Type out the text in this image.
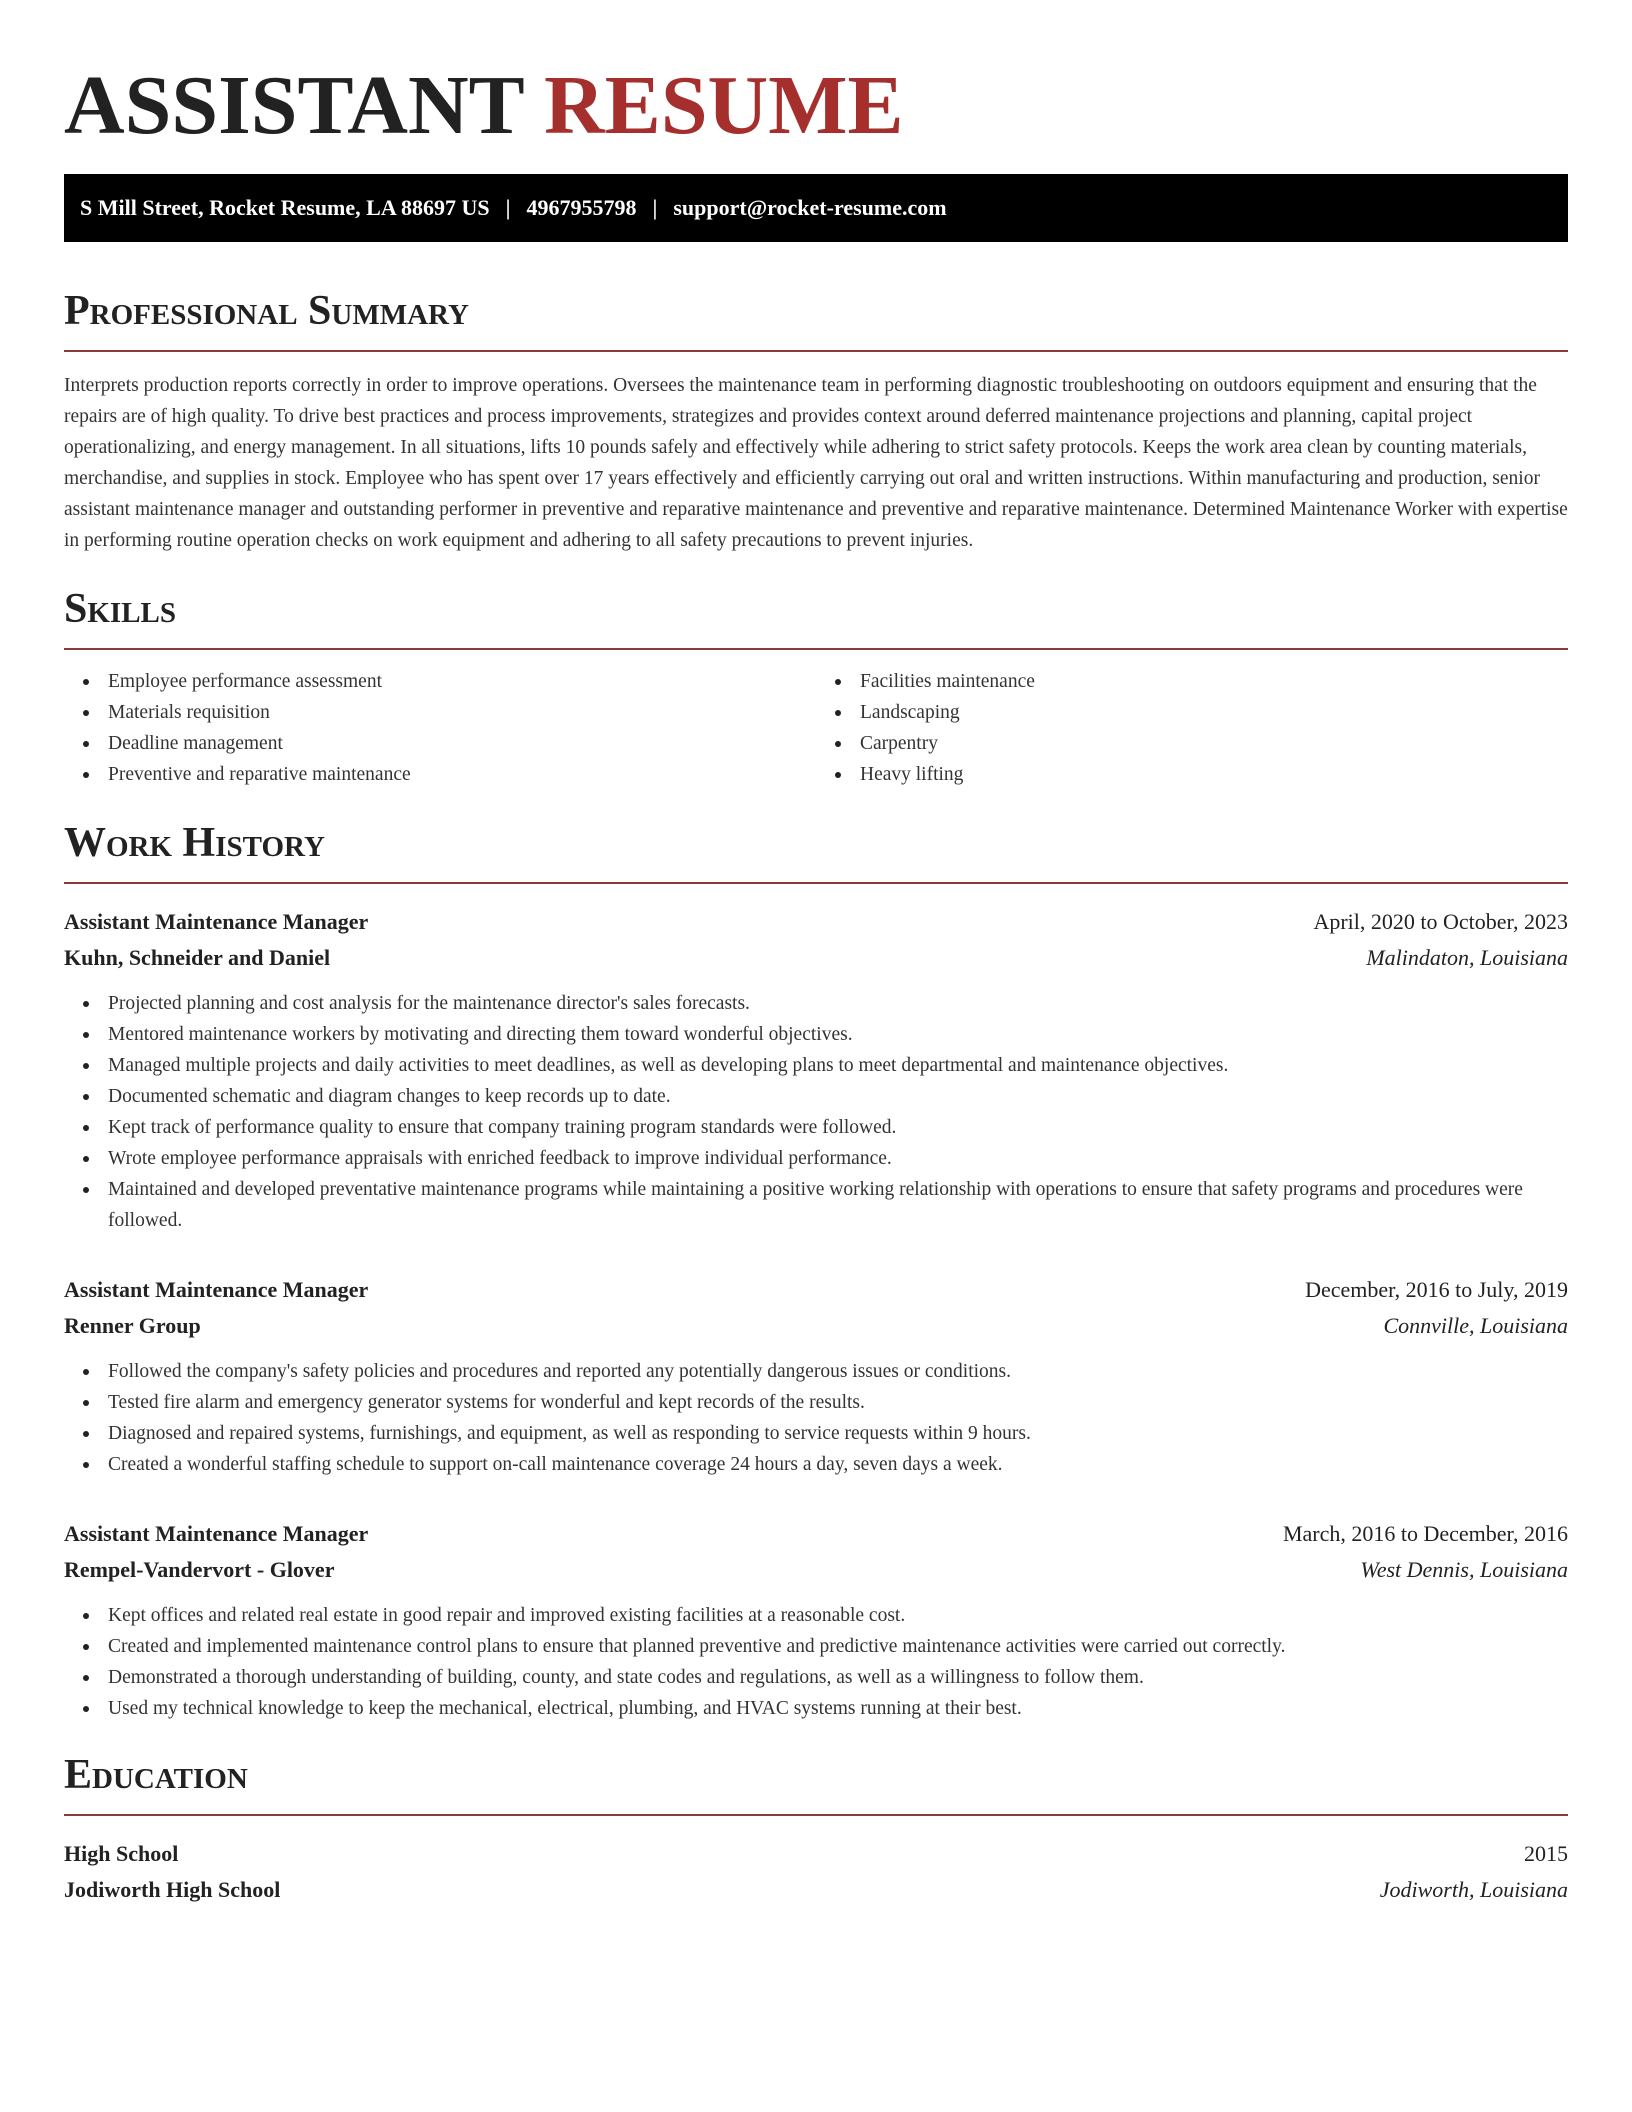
ASSISTANT RESUME
S Mill Street, Rocket Resume, LA 88697 US | 4967955798 | support@rocket-resume.com
Professional Summary

Interprets production reports correctly in order to improve operations. Oversees the maintenance team in performing diagnostic troubleshooting on outdoors equipment and ensuring that the repairs are of high quality. To drive best practices and process improvements, strategizes and provides context around deferred maintenance projections and planning, capital project operationalizing, and energy management. In all situations, lifts 10 pounds safely and effectively while adhering to strict safety protocols. Keeps the work area clean by counting materials, merchandise, and supplies in stock. Employee who has spent over 17 years effectively and efficiently carrying out oral and written instructions. Within manufacturing and production, senior assistant maintenance manager and outstanding performer in preventive and reparative maintenance and preventive and reparative maintenance. Determined Maintenance Worker with expertise in performing routine operation checks on work equipment and adhering to all safety precautions to prevent injuries.

Skills
Employee performance assessment
Materials requisition
Deadline management
Preventive and reparative maintenance
Facilities maintenance
Landscaping
Carpentry
Heavy lifting
Work History
Assistant Maintenance Manager	April, 2020 to October, 2023
Kuhn, Schneider and Daniel	Malindaton, Louisiana
Projected planning and cost analysis for the maintenance director's sales forecasts.
Mentored maintenance workers by motivating and directing them toward wonderful objectives.
Managed multiple projects and daily activities to meet deadlines, as well as developing plans to meet departmental and maintenance objectives.
Documented schematic and diagram changes to keep records up to date.
Kept track of performance quality to ensure that company training program standards were followed.
Wrote employee performance appraisals with enriched feedback to improve individual performance.
Maintained and developed preventative maintenance programs while maintaining a positive working relationship with operations to ensure that safety programs and procedures were followed.
Assistant Maintenance Manager	December, 2016 to July, 2019
Renner Group	Connville, Louisiana
Followed the company's safety policies and procedures and reported any potentially dangerous issues or conditions.
Tested fire alarm and emergency generator systems for wonderful and kept records of the results.
Diagnosed and repaired systems, furnishings, and equipment, as well as responding to service requests within 9 hours.
Created a wonderful staffing schedule to support on-call maintenance coverage 24 hours a day, seven days a week.
Assistant Maintenance Manager	March, 2016 to December, 2016
Rempel-Vandervort - Glover	West Dennis, Louisiana
Kept offices and related real estate in good repair and improved existing facilities at a reasonable cost.
Created and implemented maintenance control plans to ensure that planned preventive and predictive maintenance activities were carried out correctly.
Demonstrated a thorough understanding of building, county, and state codes and regulations, as well as a willingness to follow them.
Used my technical knowledge to keep the mechanical, electrical, plumbing, and HVAC systems running at their best.
Education
High School	2015
Jodiworth High School	Jodiworth, Louisiana
